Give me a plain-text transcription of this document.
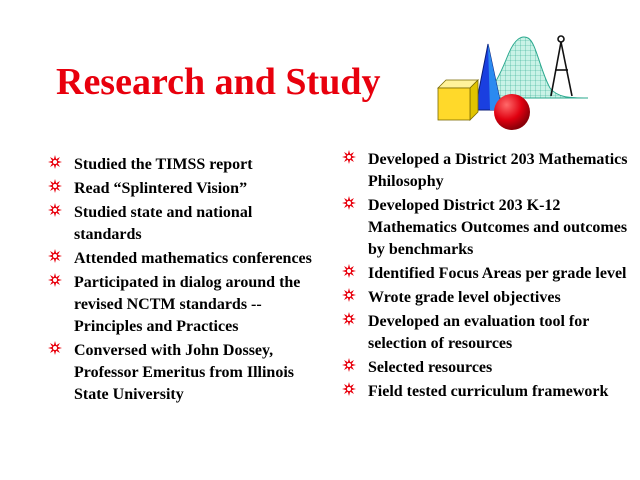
Research and Study
Studied the TIMSS report
Read “Splintered Vision”
Studied state and national standards
Attended mathematics conferences
Participated in dialog around the revised NCTM standards --Principles and Practices
Conversed with John Dossey, Professor Emeritus from Illinois State University
Developed a District 203 Mathematics Philosophy
Developed District 203 K-12 Mathematics Outcomes and outcomes by benchmarks
Identified Focus Areas per grade level
Wrote grade level objectives
Developed an evaluation tool for selection of resources
Selected resources
Field tested curriculum framework
